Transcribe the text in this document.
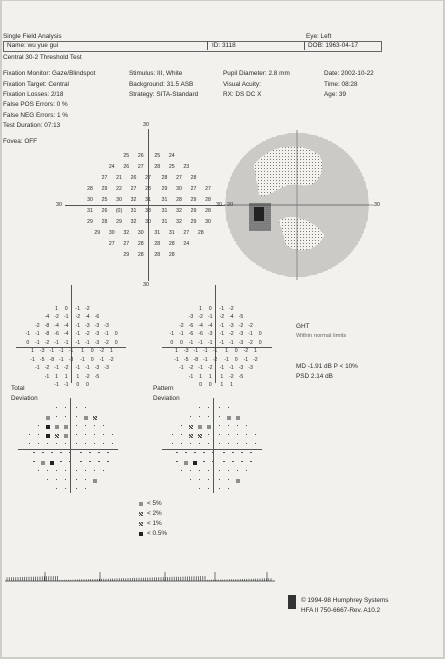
Single Field Analysis	Eye: Left
Name: wu yue gui	ID: 3118	DOB: 1963-04-17
Central 30-2 Threshold Test
Fixation Monitor: Gaze/Blindspot
Fixation Target: Central
Fixation Losses: 2/18
False POS Errors: 0 %
False NEG Errors: 1 %
Test Duration: 07:13
Fovea: OFF
Stimulus: III, White
Background: 31.5 ASB
Strategy: SITA-Standard
Pupil Diameter: 2.8 mm
Visual Acuity:
RX: DS DC X
Date: 2002-10-22
Time: 08:28
Age: 39
30
30
30
25	26	25	24
24	26	27	28	25	23
27	21	26	27	28	27	28
28	29	22	27	28	29	30	27	27
30	25	30	32	31	31	28	29	28
31	26	(0)	31	33	31	32	29	28
29	28	29	32	30	31	32	29	30
29	30	32	30	31	31	27	28
27	27	28	28	28	24
29	28	28	28
30	30
1	0	-1 -2
-4 -2 -1	-2 -4 -6
-2 -8 -4 -4	-1 -3 -3 -3
-1 -1 -8 -6 -4	-1 -2 -3 -1	0
0	-1 -2 -1 -1	-1 -1 -3 -2	0
1	-3 -1 -1 -1	1	0	-2	1
-1 -5 -8 -1 -3	-1	0	-1 -2
-1 -2 -1 -2	-1 -1 -3 -3
-1	1	1	1	-2 -5
-1 -1	0	0
1	0	-1 -2
-3 -2 -1	-2 -4 -5
-2 -6 -4 -4	-1 -3 -2 -2
-1 -1 -6 -6 -3	-1 -2 -3 -1	0
0	0	-1 -1 -1	-1 -1 -3 -2	0
1	-3 -1 -1 -1	1	0	-2	1
-1 -5 -8 -1 -2	-1	0	-1 -2
-1 -2 -1 -2	-1 -1 -3 -3
-1	1	1	1	-2 -5
0	0	1	1
GHT
Within normal limits
MD -1.91 dB P < 10%
PSD 2.14 dB
Total
Deviation
Pattern
Deviation
< 5%
< 2%
< 1%
< 0.5%
© 1994-98 Humphrey Systems
HFA II 750-6667-Rev. A10.2
